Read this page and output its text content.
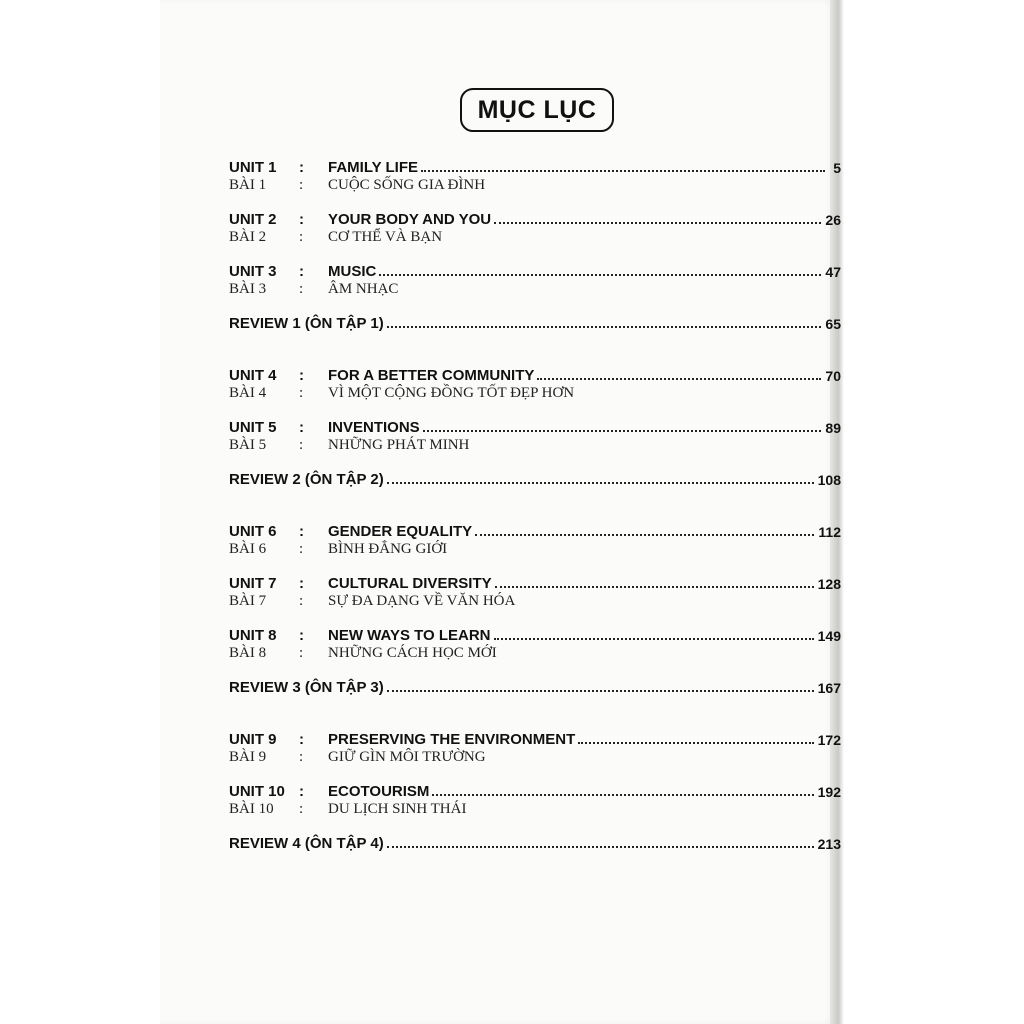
MỤC LỤC
UNIT 1	:	FAMILY LIFE	5
BÀI 1	:	CUỘC SỐNG GIA ĐÌNH
UNIT 2	:	YOUR BODY AND YOU	26
BÀI 2	:	CƠ THỂ VÀ BẠN
UNIT 3	:	MUSIC	47
BÀI 3	:	ÂM NHẠC
REVIEW 1 (ÔN TẬP 1)	65
UNIT 4	:	FOR A BETTER COMMUNITY	70
BÀI 4	:	VÌ MỘT CỘNG ĐỒNG TỐT ĐẸP HƠN
UNIT 5	:	INVENTIONS	89
BÀI 5	:	NHỮNG PHÁT MINH
REVIEW 2 (ÔN TẬP 2)	108
UNIT 6	:	GENDER EQUALITY	112
BÀI 6	:	BÌNH ĐẲNG GIỚI
UNIT 7	:	CULTURAL DIVERSITY	128
BÀI 7	:	SỰ ĐA DẠNG VỀ VĂN HÓA
UNIT 8	:	NEW WAYS TO LEARN	149
BÀI 8	:	NHỮNG CÁCH HỌC MỚI
REVIEW 3 (ÔN TẬP 3)	167
UNIT 9	:	PRESERVING THE ENVIRONMENT	172
BÀI 9	:	GIỮ GÌN MÔI TRƯỜNG
UNIT 10 :	ECOTOURISM	192
BÀI 10	:	DU LỊCH SINH THÁI
REVIEW 4 (ÔN TẬP 4)	213
